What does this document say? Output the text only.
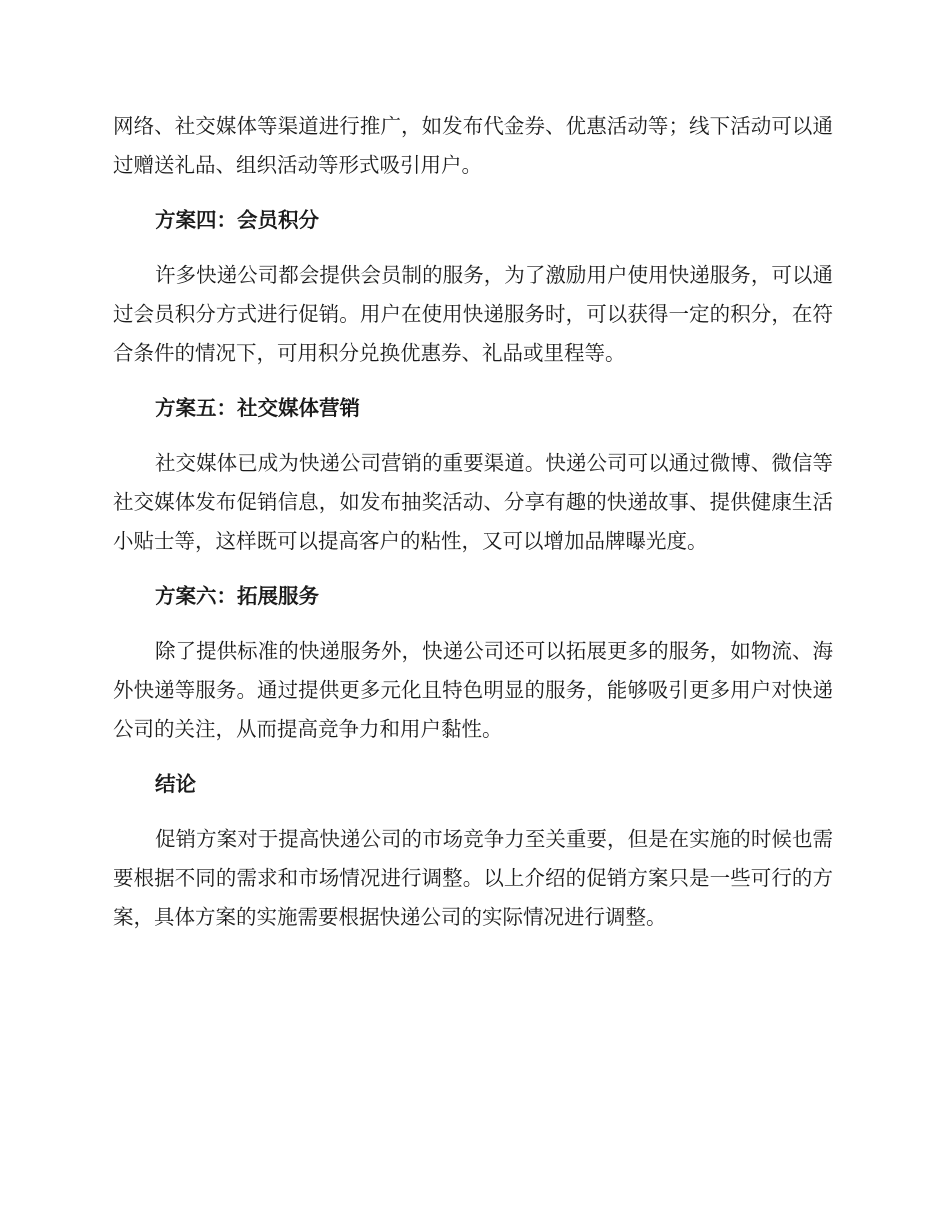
网络、社交媒体等渠道进行推广，如发布代金券、优惠活动等；线下活动可以通过赠送礼品、组织活动等形式吸引用户。

方案四：会员积分

许多快递公司都会提供会员制的服务，为了激励用户使用快递服务，可以通过会员积分方式进行促销。用户在使用快递服务时，可以获得一定的积分，在符合条件的情况下，可用积分兑换优惠券、礼品或里程等。

方案五：社交媒体营销

社交媒体已成为快递公司营销的重要渠道。快递公司可以通过微博、微信等社交媒体发布促销信息，如发布抽奖活动、分享有趣的快递故事、提供健康生活小贴士等，这样既可以提高客户的粘性，又可以增加品牌曝光度。

方案六：拓展服务

除了提供标准的快递服务外，快递公司还可以拓展更多的服务，如物流、海外快递等服务。通过提供更多元化且特色明显的服务，能够吸引更多用户对快递公司的关注，从而提高竞争力和用户黏性。

结论

促销方案对于提高快递公司的市场竞争力至关重要，但是在实施的时候也需要根据不同的需求和市场情况进行调整。以上介绍的促销方案只是一些可行的方案，具体方案的实施需要根据快递公司的实际情况进行调整。
